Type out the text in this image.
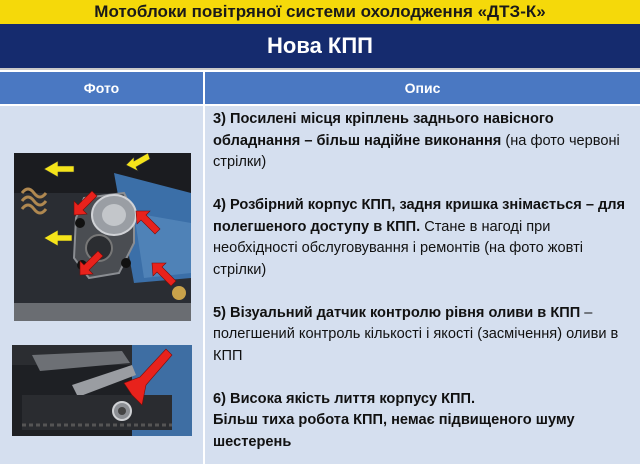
Мотоблоки повітряної системи охолодження «ДТЗ-К»
Нова КПП
Фото	Опис

3) Посилені місця кріплень заднього навісного обладнання – більш надійне виконання (на фото червоні стрілки)

4) Розбірний корпус КПП, задня кришка знімається – для полегшеного доступу в КПП. Стане в нагоді при необхідності обслуговування і ремонтів (на фото жовті стрілки)

5) Візуальний датчик контролю рівня оливи в КПП – полегшений контроль кількості і якості (засмічення) оливи в КПП

6) Висока якість лиття корпусу КПП.
Більш тиха робота КПП, немає підвищеного шуму шестерень
